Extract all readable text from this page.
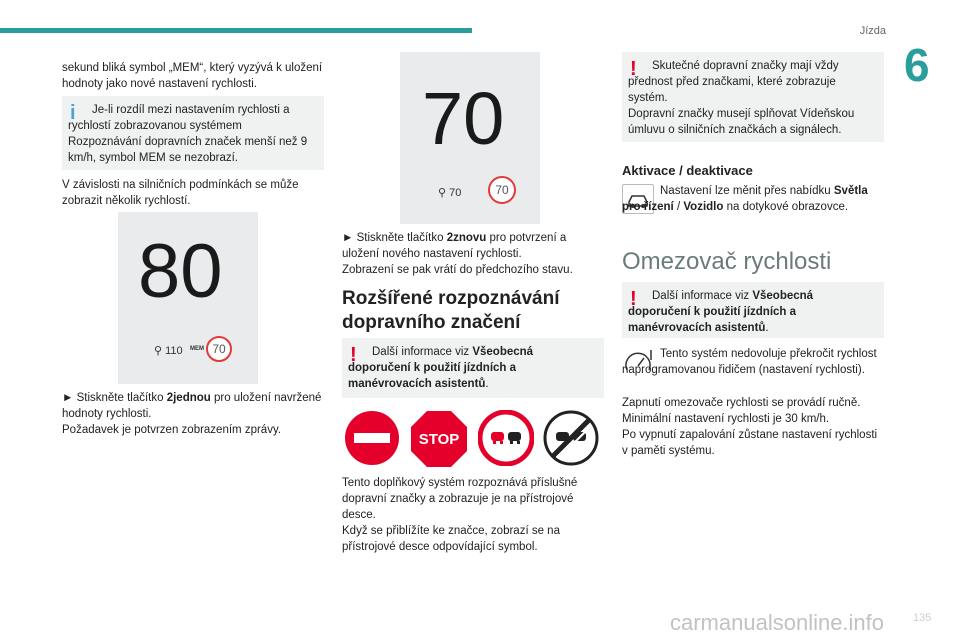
Jízda
6
sekund bliká symbol „MEM“, který vyzývá k uložení hodnoty jako nové nastavení rychlosti.
i	Je-li rozdíl mezi nastavením rychlosti a rychlostí zobrazovanou systémem Rozpoznávání dopravních značek menší než 9 km/h, symbol MEM se nezobrazí.
V závislosti na silničních podmínkách se může zobrazit několik rychlostí.
80
⚲ 110 MEM 70
► Stiskněte tlačítko 2jednou pro uložení navržené hodnoty rychlosti.
Požadavek je potvrzen zobrazením zprávy.
70
⚲ 70	70
► Stiskněte tlačítko 2znovu pro potvrzení a uložení nového nastavení rychlosti.
Zobrazení se pak vrátí do předchozího stavu.
Rozšířené rozpoznávání dopravního značení
!	Další informace viz Všeobecná doporučení k použití jízdních a manévrovacích asistentů.
STOP
Tento doplňkový systém rozpoznává příslušné dopravní značky a zobrazuje je na přístrojové desce.
Když se přiblížíte ke značce, zobrazí se na přístrojové desce odpovídající symbol.
!	Skutečné dopravní značky mají vždy přednost před značkami, které zobrazuje systém.
Dopravní značky musejí splňovat Vídeňskou úmluvu o silničních značkách a signálech.
Aktivace / deaktivace
Nastavení lze měnit přes nabídku Světla pro řízení / Vozidlo na dotykové obrazovce.
Omezovač rychlosti
!	Další informace viz Všeobecná doporučení k použití jízdních a manévrovacích asistentů.
Tento systém nedovoluje překročit rychlost naprogramovanou řidičem (nastavení rychlosti).
Zapnutí omezovače rychlosti se provádí ručně.
Minimální nastavení rychlosti je 30 km/h.
Po vypnutí zapalování zůstane nastavení rychlosti v paměti systému.
carmanualsonline.info
